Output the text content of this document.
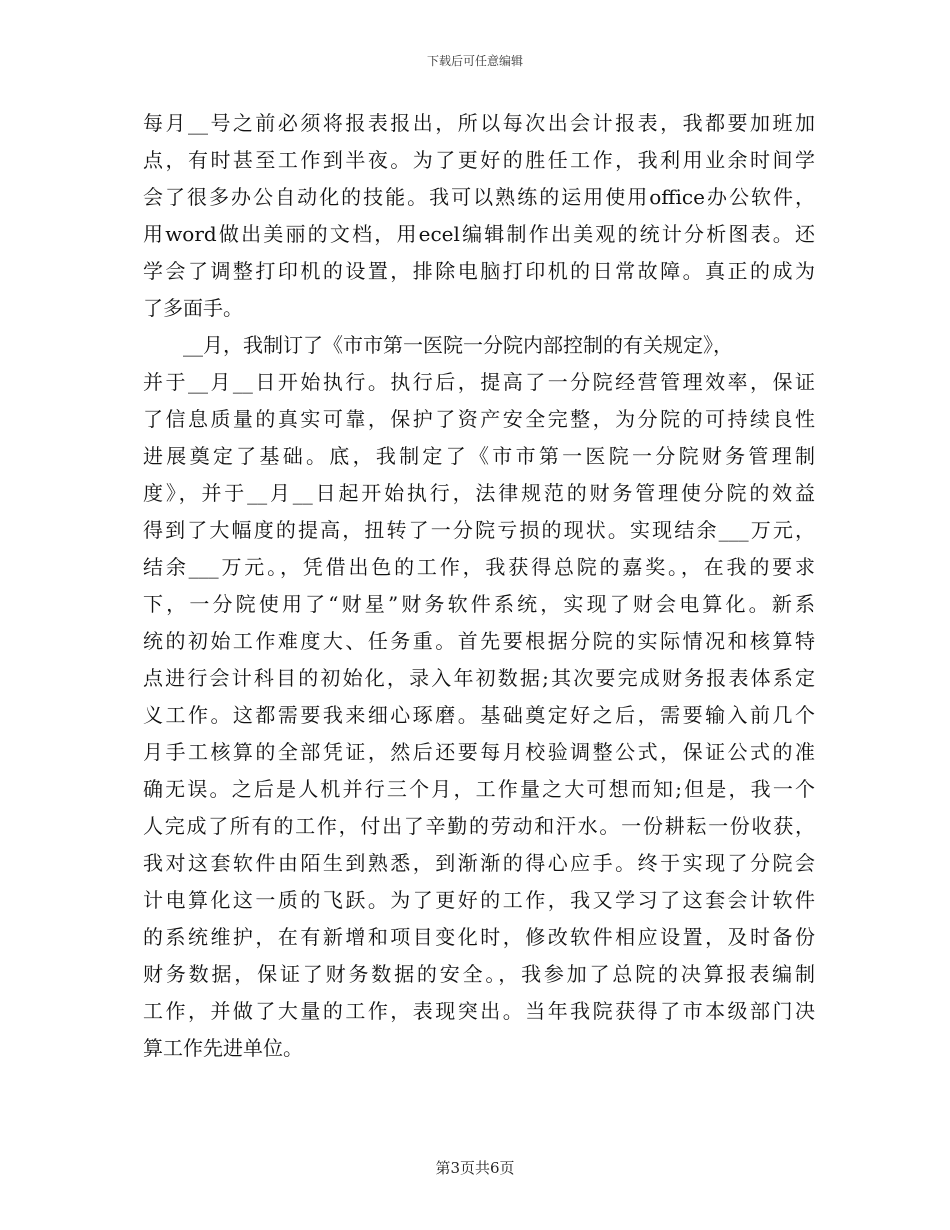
下载后可任意编辑
每月__号之前必须将报表报出，所以每次出会计报表，我都要加班加
点，有时甚至工作到半夜。为了更好的胜任工作，我利用业余时间学
会了很多办公自动化的技能。我可以熟练的运用使用office办公软件，
用word做出美丽的文档，用ecel编辑制作出美观的统计分析图表。还
学会了调整打印机的设置，排除电脑打印机的日常故障。真正的成为
了多面手。
__月，我制订了《市市第一医院一分院内部控制的有关规定》，
并于__月__日开始执行。执行后，提高了一分院经营管理效率，保证
了信息质量的真实可靠，保护了资产安全完整，为分院的可持续良性
进展奠定了基础。底，我制定了《市市第一医院一分院财务管理制
度》，并于__月__日起开始执行，法律规范的财务管理使分院的效益
得到了大幅度的提高，扭转了一分院亏损的现状。实现结余___万元，
结余___万元。，凭借出色的工作，我获得总院的嘉奖。，在我的要求
下，一分院使用了“财星”财务软件系统，实现了财会电算化。新系
统的初始工作难度大、任务重。首先要根据分院的实际情况和核算特
点进行会计科目的初始化，录入年初数据;其次要完成财务报表体系定
义工作。这都需要我来细心琢磨。基础奠定好之后，需要输入前几个
月手工核算的全部凭证，然后还要每月校验调整公式，保证公式的准
确无误。之后是人机并行三个月，工作量之大可想而知;但是，我一个
人完成了所有的工作，付出了辛勤的劳动和汗水。一份耕耘一份收获，
我对这套软件由陌生到熟悉，到渐渐的得心应手。终于实现了分院会
计电算化这一质的飞跃。为了更好的工作，我又学习了这套会计软件
的系统维护，在有新增和项目变化时，修改软件相应设置，及时备份
财务数据，保证了财务数据的安全。，我参加了总院的决算报表编制
工作，并做了大量的工作，表现突出。当年我院获得了市本级部门决
算工作先进单位。
第3页共6页
